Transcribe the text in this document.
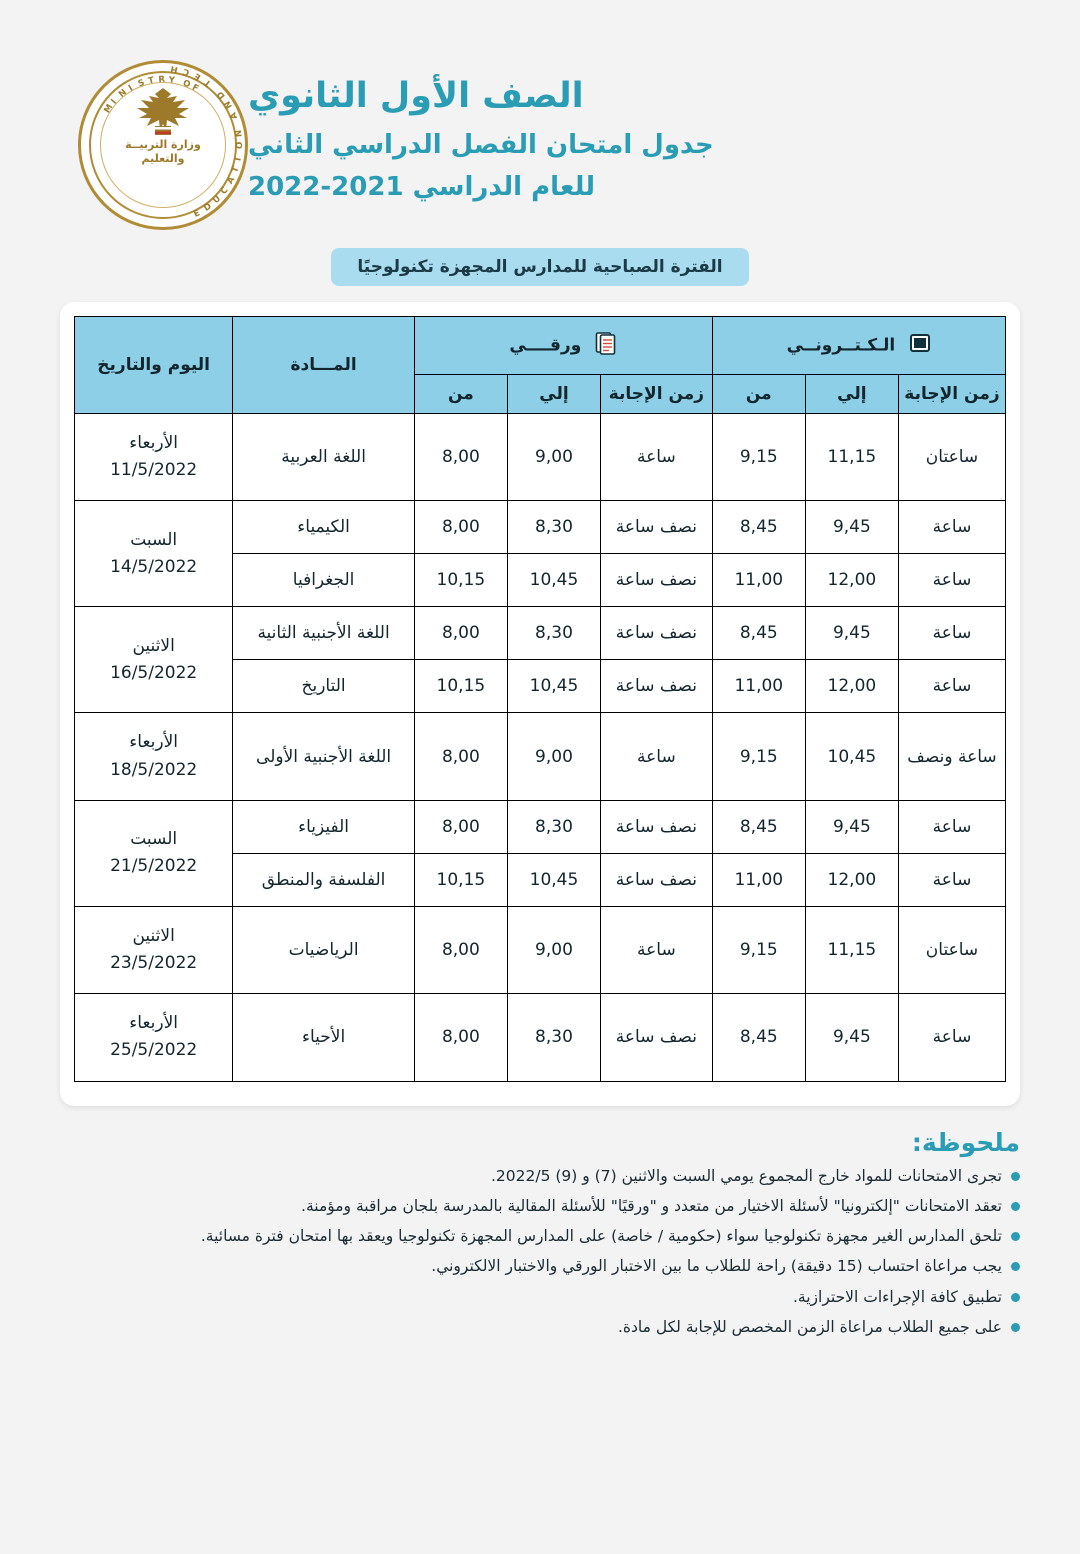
M
I
N
I S T R Y O
F
E
D
U
C
A
T
I
O
N
A
N
D
T
E
C
H
وزارة التربيــة
والتعليم
الصف الأول الثانوي
جدول امتحان الفصل الدراسي الثاني
للعام الدراسي 2021-2022
الفترة الصباحية للمدارس المجهزة تكنولوجيًا
الـكـتــرونــي			ورقــــي			المـــادة	اليوم والتاريخ
زمن الإجابة	إلي	من	زمن الإجابة	إلي	من		
ساعتان	11,15	9,15	ساعة	9,00	8,00	اللغة العربية	الأربعاء
11/5/2022

ساعة	9,45	8,45	نصف ساعة	8,30	8,00	الكيمياء	السبت
14/5/2022

ساعة	12,00	11,00	نصف ساعة	10,45	10,15	الجغرافيا	
ساعة	9,45	8,45	نصف ساعة	8,30	8,00	اللغة الأجنبية الثانية	الاثنين
16/5/2022

ساعة	12,00	11,00	نصف ساعة	10,45	10,15	التاريخ	
ساعة ونصف	10,45	9,15	ساعة	9,00	8,00	اللغة الأجنبية الأولى	الأربعاء
18/5/2022

ساعة	9,45	8,45	نصف ساعة	8,30	8,00	الفيزياء	السبت
21/5/2022

ساعة	12,00	11,00	نصف ساعة	10,45	10,15	الفلسفة والمنطق	
ساعتان	11,15	9,15	ساعة	9,00	8,00	الرياضيات	الاثنين
23/5/2022

ساعة	9,45	8,45	نصف ساعة	8,30	8,00	الأحياء	الأربعاء
25/5/2022
ملحوظة:
تجرى الامتحانات للمواد خارج المجموع يومي السبت والاثنين (7) و (9) 2022/5.
تعقد الامتحانات "إلكترونيا" لأسئلة الاختيار من متعدد و "ورقيًا" للأسئلة المقالية بالمدرسة بلجان مراقبة ومؤمنة.
تلحق المدارس الغير مجهزة تكنولوجيا سواء (حكومية / خاصة) على المدارس المجهزة تكنولوجيا ويعقد بها امتحان فترة مسائية.
يجب مراعاة احتساب (15 دقيقة) راحة للطلاب ما بين الاختبار الورقي والاختبار الالكتروني.
تطبيق كافة الإجراءات الاحترازية.
على جميع الطلاب مراعاة الزمن المخصص للإجابة لكل مادة.
